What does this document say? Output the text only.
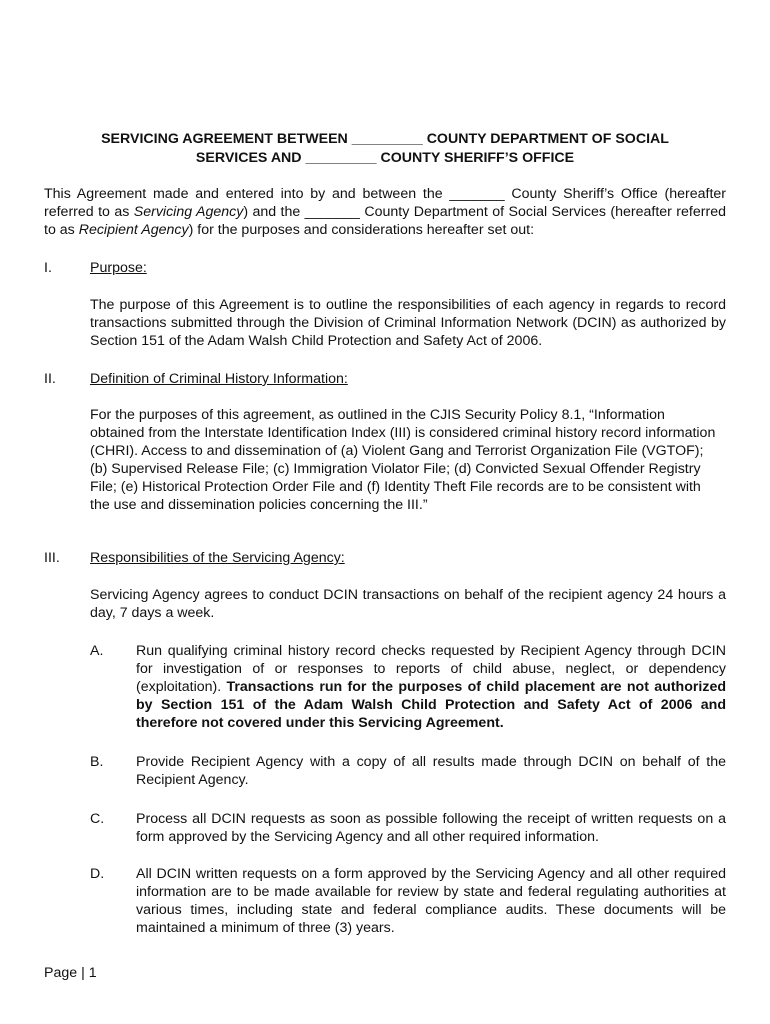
SERVICING AGREEMENT BETWEEN _________ COUNTY DEPARTMENT OF SOCIAL
SERVICES AND _________ COUNTY SHERIFF’S OFFICE

This Agreement made and entered into by and between the _______ County Sheriff’s Office (hereafter referred to as Servicing Agency) and the _______ County Department of Social Services (hereafter referred to as Recipient Agency) for the purposes and considerations hereafter set out:

I.	Purpose:

The purpose of this Agreement is to outline the responsibilities of each agency in regards to record transactions submitted through the Division of Criminal Information Network (DCIN) as authorized by Section 151 of the Adam Walsh Child Protection and Safety Act of 2006.

II. Definition of Criminal History Information:

For the purposes of this agreement, as outlined in the CJIS Security Policy 8.1, “Information obtained from the Interstate Identification Index (III) is considered criminal history record information (CHRI). Access to and dissemination of (a) Violent Gang and Terrorist Organization File (VGTOF); (b) Supervised Release File; (c) Immigration Violator File; (d) Convicted Sexual Offender Registry File; (e) Historical Protection Order File and (f) Identity Theft File records are to be consistent with the use and dissemination policies concerning the III.”

III. Responsibilities of the Servicing Agency:

Servicing Agency agrees to conduct DCIN transactions on behalf of the recipient agency 24 hours a day, 7 days a week.

A. Run qualifying criminal history record checks requested by Recipient Agency through DCIN for investigation of or responses to reports of child abuse, neglect, or dependency (exploitation). Transactions run for the purposes of child placement are not authorized by Section 151 of the Adam Walsh Child Protection and Safety Act of 2006 and therefore not covered under this Servicing Agreement.
B. Provide Recipient Agency with a copy of all results made through DCIN on behalf of the Recipient Agency.
C. Process all DCIN requests as soon as possible following the receipt of written requests on a form approved by the Servicing Agency and all other required information.
D. All DCIN written requests on a form approved by the Servicing Agency and all other required information are to be made available for review by state and federal regulating authorities at various times, including state and federal compliance audits. These documents will be maintained a minimum of three (3) years.
Page | 1
